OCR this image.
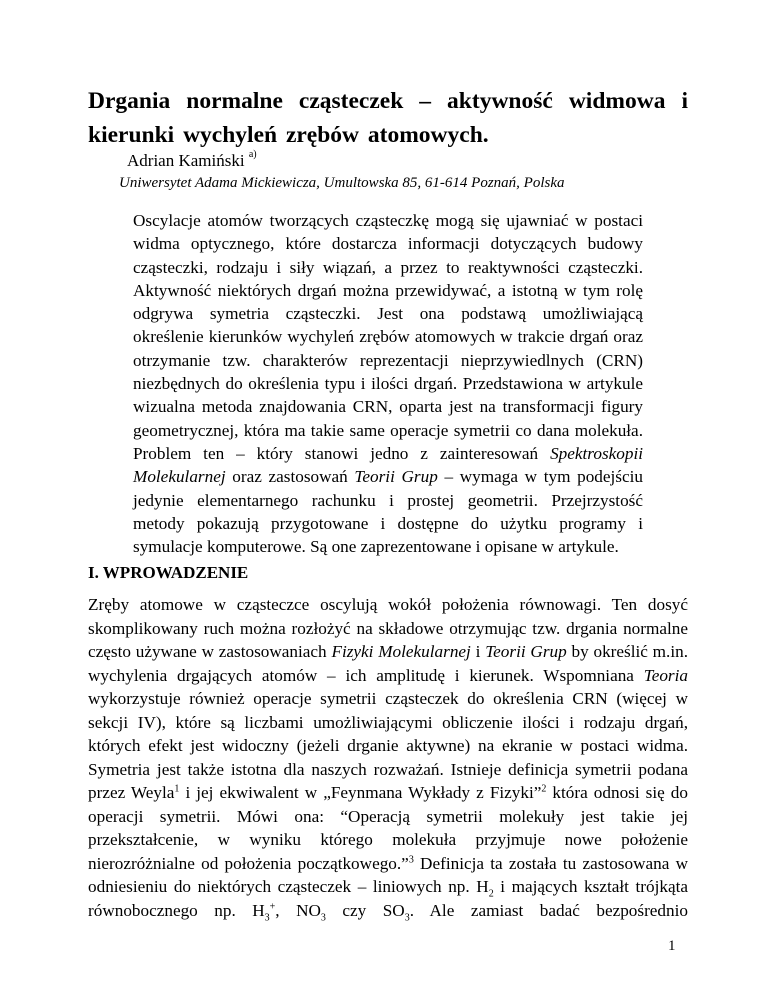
Drgania normalne cząsteczek – aktywność widmowa i kierunki wychyleń zrębów atomowych.
Adrian Kamiński $^{a)}$
Uniwersytet Adama Mickiewicza, Umultowska 85, 61-614 Poznań, Polska

Oscylacje atomów tworzących cząsteczkę mogą się ujawniać w postaci widma optycznego, które dostarcza informacji dotyczących budowy cząsteczki, rodzaju i siły wiązań, a przez to reaktywności cząsteczki. Aktywność niektórych drgań można przewidywać, a istotną w tym rolę odgrywa symetria cząsteczki. Jest ona podstawą umożliwiającą określenie kierunków wychyleń zrębów atomowych w trakcie drgań oraz otrzymanie tzw. charakterów reprezentacji nieprzywiedlnych (CRN) niezbędnych do określenia typu i ilości drgań. Przedstawiona w artykule wizualna metoda znajdowania CRN, oparta jest na transformacji figury geometrycznej, która ma takie same operacje symetrii co dana molekuła. Problem ten – który stanowi jedno z zainteresowań Spektroskopii Molekularnej oraz zastosowań Teorii Grup – wymaga w tym podejściu jedynie elementarnego rachunku i prostej geometrii. Przejrzystość metody pokazują przygotowane i dostępne do użytku programy i symulacje komputerowe. Są one zaprezentowane i opisane w artykule.

I. WPROWADZENIE

Zręby atomowe w cząsteczce oscylują wokół położenia równowagi. Ten dosyć skomplikowany ruch można rozłożyć na składowe otrzymując tzw. drgania normalne często używane w zastosowaniach Fizyki Molekularnej i Teorii Grup by określić m.in. wychylenia drgających atomów – ich amplitudę i kierunek. Wspomniana Teoria wykorzystuje również operacje symetrii cząsteczek do określenia CRN (więcej w sekcji IV), które są liczbami umożliwiającymi obliczenie ilości i rodzaju drgań, których efekt jest widoczny (jeżeli drganie aktywne) na ekranie w postaci widma. Symetria jest także istotna dla naszych rozważań. Istnieje definicja symetrii podana przez Weyla$^1$ i jej ekwiwalent w „Feynmana Wykłady z Fizyki”$^2$ która odnosi się do operacji symetrii. Mówi ona: “Operacją symetrii molekuły jest takie jej przekształcenie, w wyniku którego molekuła przyjmuje nowe położenie nierozróżnialne od położenia początkowego.”$^3$ Definicja ta została tu zastosowana w odniesieniu do niektórych cząsteczek – liniowych np. $H_2$ i mających kształt trójkąta równobocznego np. $H_3^+$, $NO_3$ czy $SO_3$. Ale zamiast badać bezpośrednio

1
